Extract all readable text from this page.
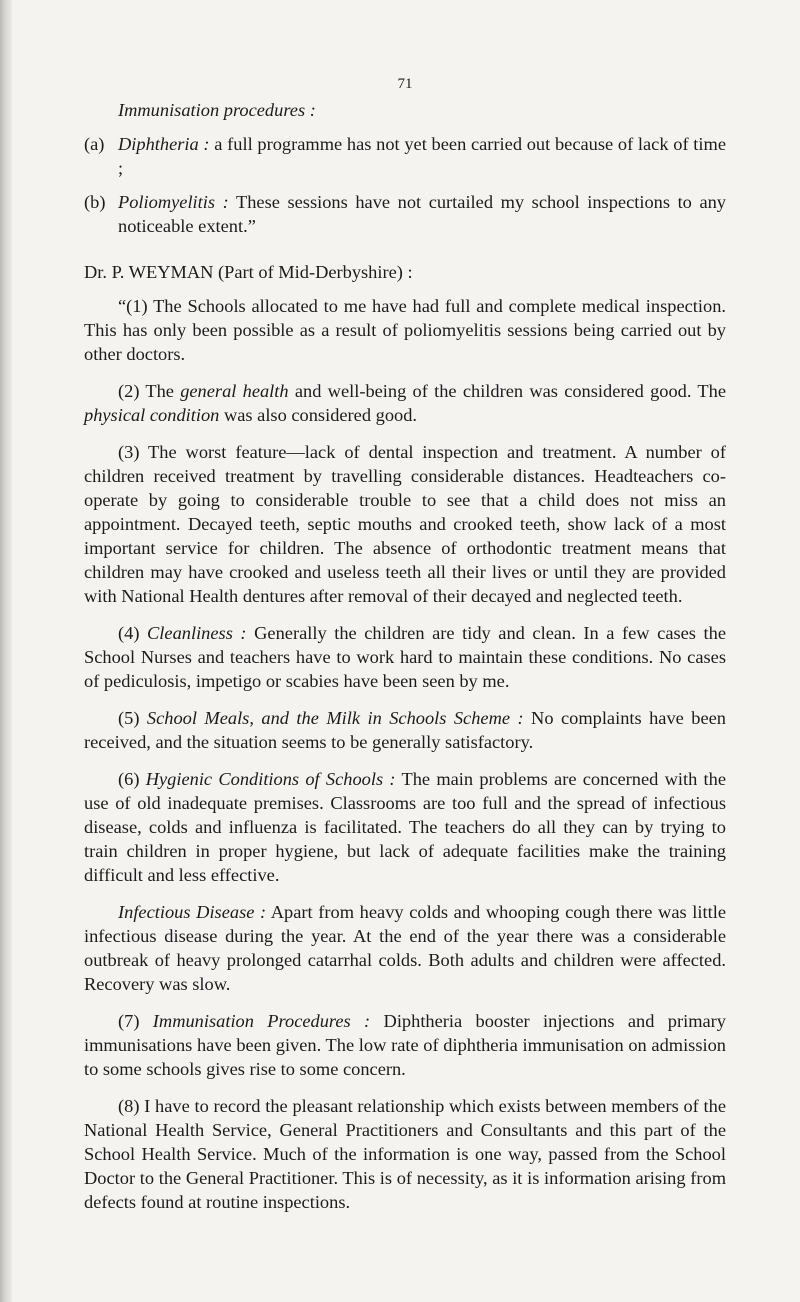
71

Immunisation procedures :

(a) Diphtheria : a full programme has not yet been carried out because of lack of time ;

(b) Poliomyelitis : These sessions have not curtailed my school inspections to any noticeable extent.”

Dr. P. WEYMAN (Part of Mid-Derbyshire) :

“(1) The Schools allocated to me have had full and complete medical inspection. This has only been possible as a result of poliomyelitis sessions being carried out by other doctors.

(2) The general health and well-being of the children was considered good. The physical condition was also considered good.

(3) The worst feature—lack of dental inspection and treatment. A number of children received treatment by travelling considerable distances. Headteachers co-operate by going to considerable trouble to see that a child does not miss an appointment. Decayed teeth, septic mouths and crooked teeth, show lack of a most important service for children. The absence of orthodontic treatment means that children may have crooked and useless teeth all their lives or until they are provided with National Health dentures after removal of their decayed and neglected teeth.

(4) Cleanliness : Generally the children are tidy and clean. In a few cases the School Nurses and teachers have to work hard to maintain these conditions. No cases of pediculosis, impetigo or scabies have been seen by me.

(5) School Meals, and the Milk in Schools Scheme : No complaints have been received, and the situation seems to be generally satisfactory.

(6) Hygienic Conditions of Schools : The main problems are concerned with the use of old inadequate premises. Classrooms are too full and the spread of infectious disease, colds and influenza is facilitated. The teachers do all they can by trying to train children in proper hygiene, but lack of adequate facilities make the training difficult and less effective.

Infectious Disease : Apart from heavy colds and whooping cough there was little infectious disease during the year. At the end of the year there was a considerable outbreak of heavy prolonged catarrhal colds. Both adults and children were affected. Recovery was slow.

(7) Immunisation Procedures : Diphtheria booster injections and primary immunisations have been given. The low rate of diphtheria immunisation on admission to some schools gives rise to some concern.

(8) I have to record the pleasant relationship which exists between members of the National Health Service, General Practitioners and Consultants and this part of the School Health Service. Much of the information is one way, passed from the School Doctor to the General Practitioner. This is of necessity, as it is information arising from defects found at routine inspections.
